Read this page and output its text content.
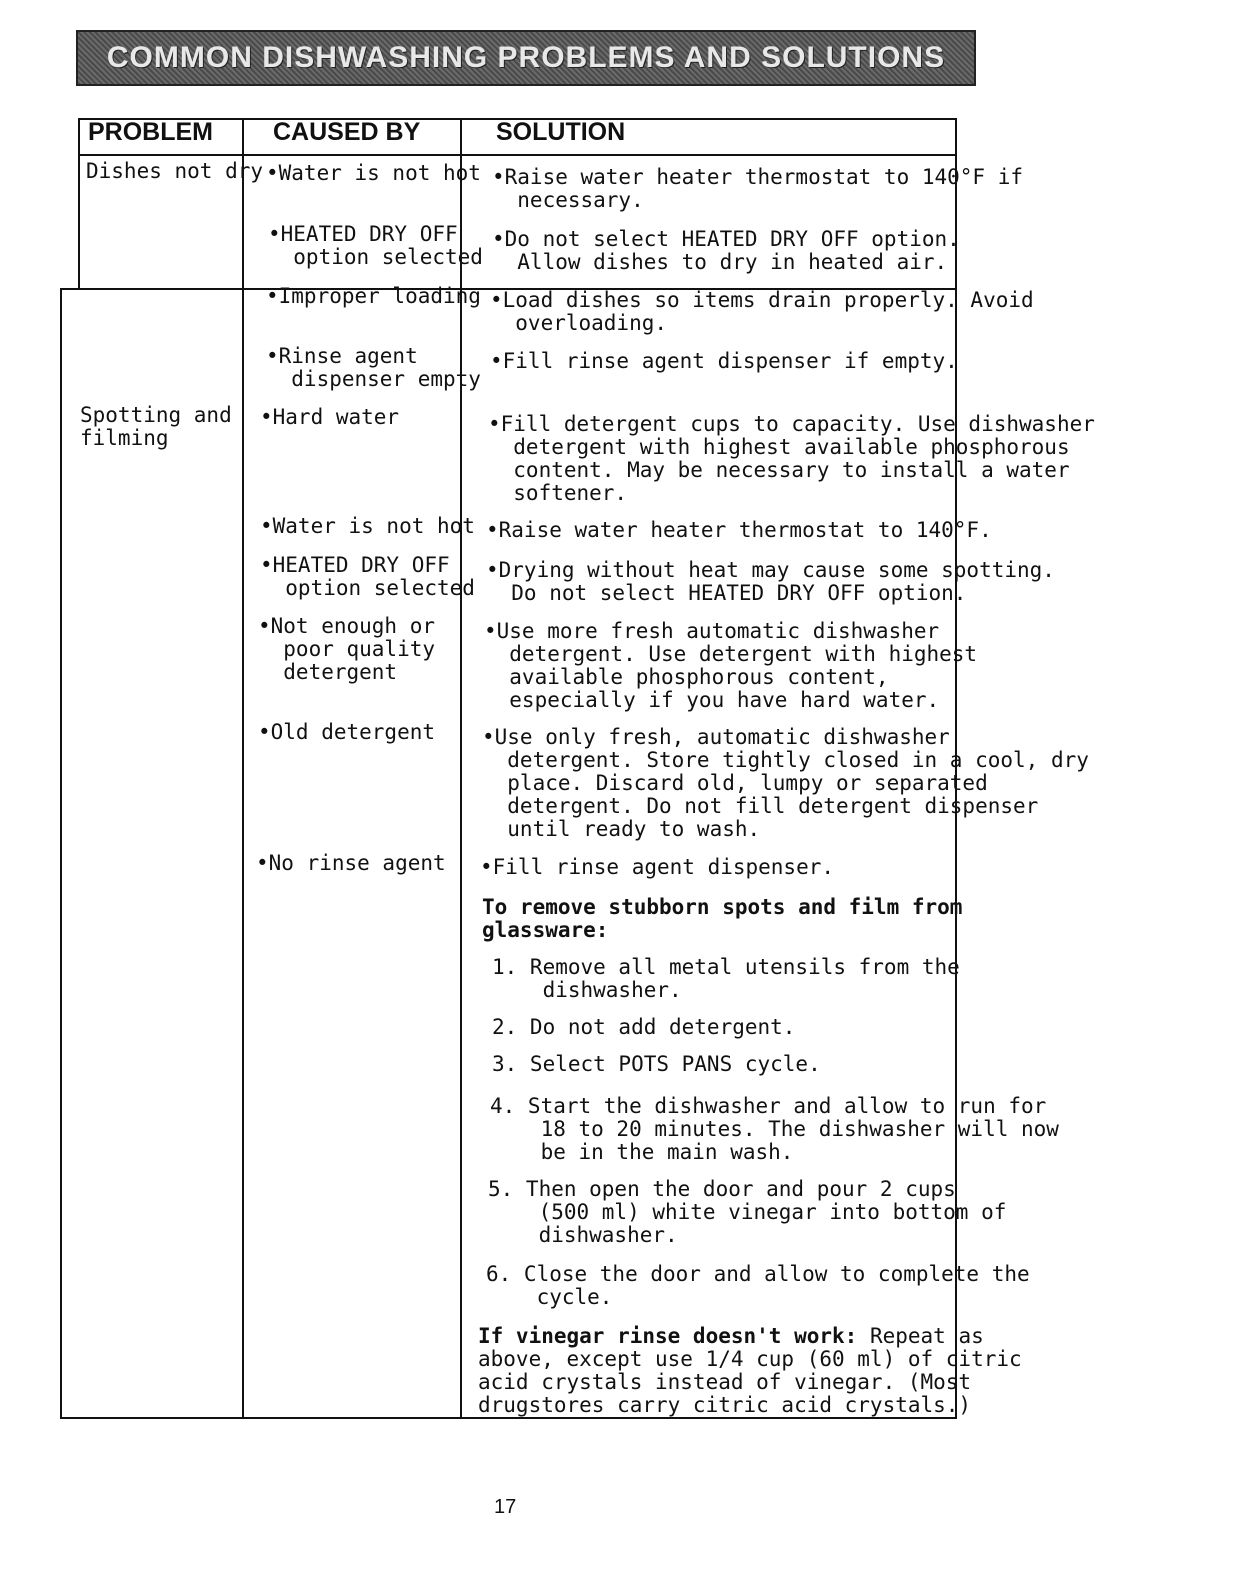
COMMON DISHWASHING PROBLEMS AND SOLUTIONS
PROBLEM CAUSED BY	SOLUTION
Dishes not dry •Water is not hot •Raise water heater thermostat to 140°F if
necessary.
•HEATED DRY OFF
option selected
•Do not select HEATED DRY OFF option.
Allow dishes to dry in heated air.
•Improper loading •Load dishes so items drain properly. Avoid
overloading.
•Rinse agent
dispenser empty
•Fill rinse agent dispenser if empty.
Spotting and
filming
•Hard water	•Fill detergent cups to capacity. Use dishwasher
detergent with highest available phosphorous
content. May be necessary to install a water
softener.
•Water is not hot •Raise water heater thermostat to 140°F.
•HEATED DRY OFF
option selected
•Drying without heat may cause some spotting.
Do not select HEATED DRY OFF option.
•Not enough or
poor quality
detergent
•Use more fresh automatic dishwasher
detergent. Use detergent with highest
available phosphorous content,
especially if you have hard water.
•Old detergent •Use only fresh, automatic dishwasher
detergent. Store tightly closed in a cool, dry
place. Discard old, lumpy or separated
detergent. Do not fill detergent dispenser
until ready to wash.
•No rinse agent •Fill rinse agent dispenser.
To remove stubborn spots and film from
glassware:
1. Remove all metal utensils from the
dishwasher.
2. Do not add detergent.
3. Select POTS PANS cycle.
4. Start the dishwasher and allow to run for
18 to 20 minutes. The dishwasher will now
be in the main wash.
5. Then open the door and pour 2 cups
(500 ml) white vinegar into bottom of
dishwasher.
6. Close the door and allow to complete the
cycle.
If vinegar rinse doesn't work: Repeat as
above, except use 1/4 cup (60 ml) of citric
acid crystals instead of vinegar. (Most
drugstores carry citric acid crystals.)
17
